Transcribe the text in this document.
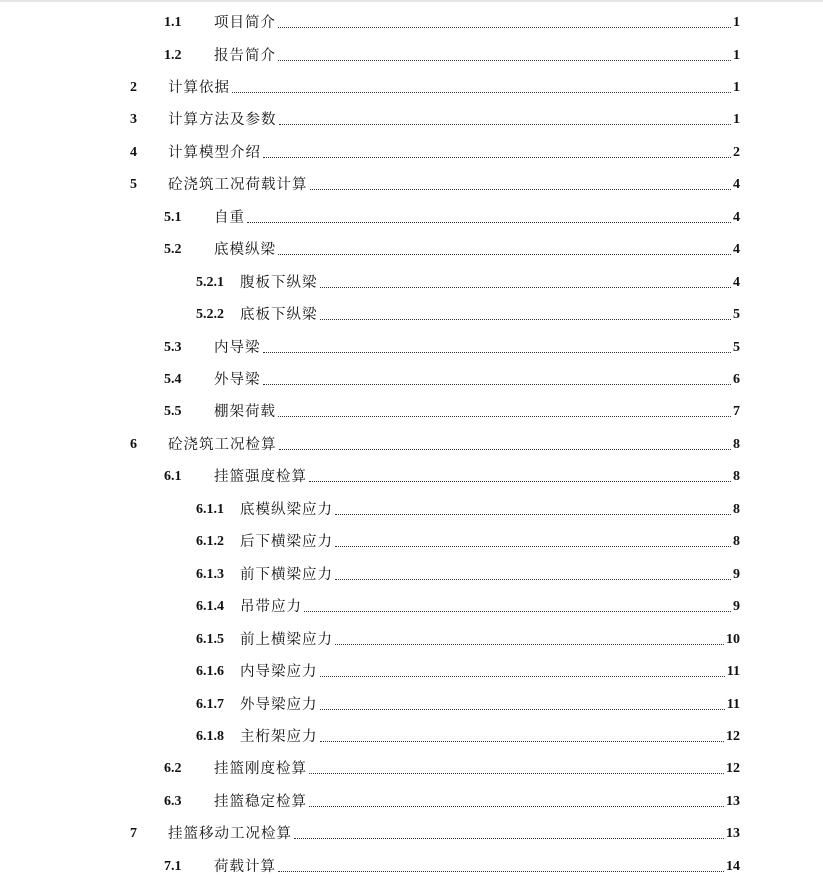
1.1	项目简介	1
1.2	报告简介	1
2	计算依据	1
3	计算方法及参数	1
4	计算模型介绍	2
5	砼浇筑工况荷载计算	4
5.1	自重	4
5.2	底模纵梁	4
5.2.1	腹板下纵梁	4
5.2.2	底板下纵梁	5
5.3	内导梁	5
5.4	外导梁	6
5.5	棚架荷载	7
6	砼浇筑工况检算	8
6.1	挂篮强度检算	8
6.1.1	底模纵梁应力	8
6.1.2	后下横梁应力	8
6.1.3	前下横梁应力	9
6.1.4	吊带应力	9
6.1.5	前上横梁应力	10
6.1.6	内导梁应力	11
6.1.7	外导梁应力	11
6.1.8	主桁架应力	12
6.2	挂篮刚度检算	12
6.3	挂篮稳定检算	13
7	挂篮移动工况检算	13
7.1	荷载计算	14
